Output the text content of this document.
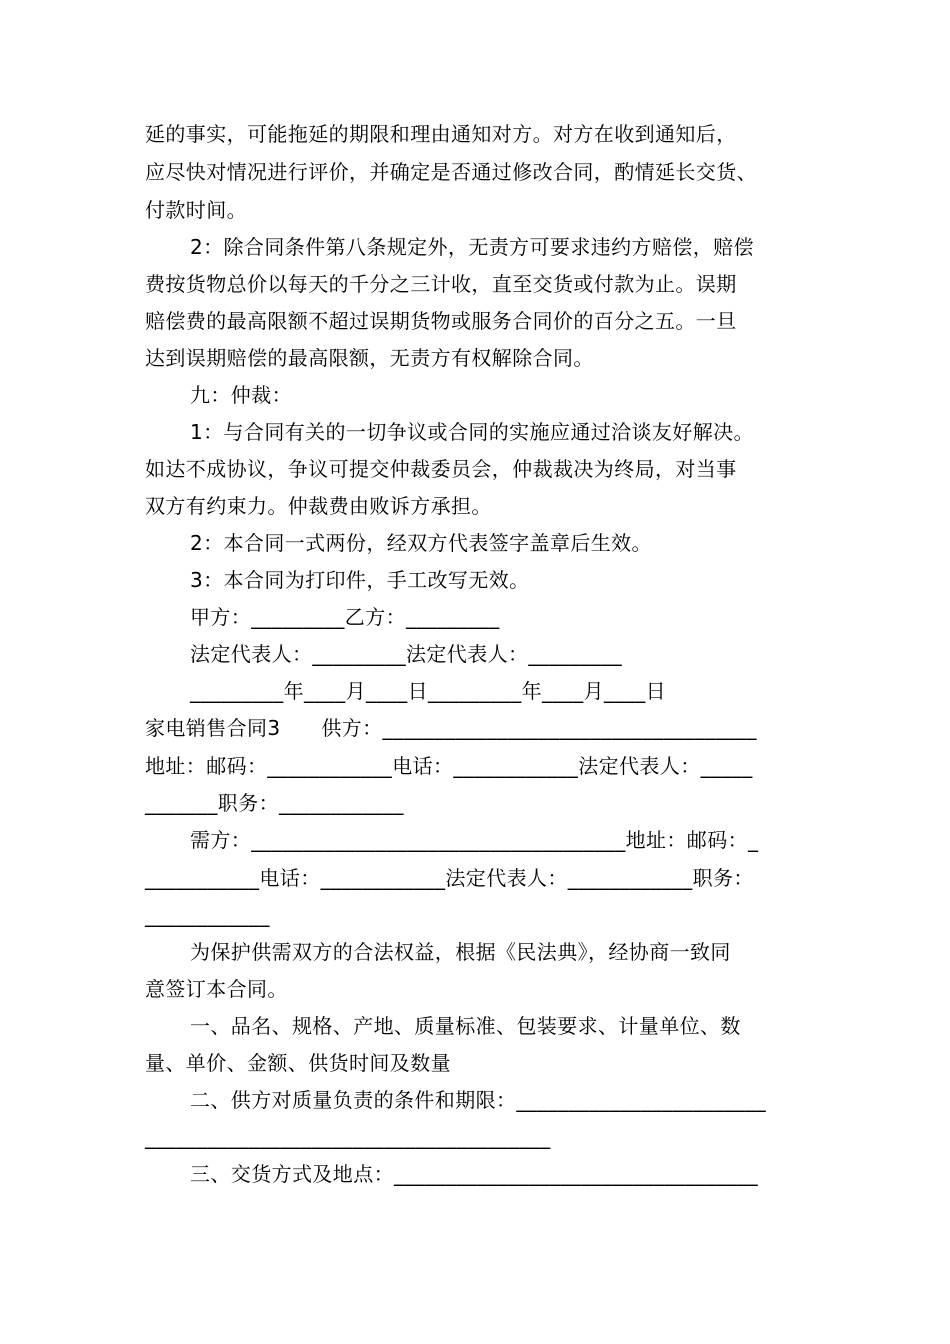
延的事实，可能拖延的期限和理由通知对方。对方在收到通知后，
应尽快对情况进行评价，并确定是否通过修改合同，酌情延长交货、
付款时间。
2：除合同条件第八条规定外，无责方可要求违约方赔偿，赔偿
费按货物总价以每天的千分之三计收，直至交货或付款为止。误期
赔偿费的最高限额不超过误期货物或服务合同价的百分之五。一旦
达到误期赔偿的最高限额，无责方有权解除合同。
九：仲裁：
1：与合同有关的一切争议或合同的实施应通过洽谈友好解决。
如达不成协议，争议可提交仲裁委员会，仲裁裁决为终局，对当事
双方有约束力。仲裁费由败诉方承担。
2：本合同一式两份，经双方代表签字盖章后生效。
3：本合同为打印件，手工改写无效。
甲方：_________乙方：_________
法定代表人：_________法定代表人：_________
_________年____月____日_________年____月____日
家电销售合同3　　供方：____________________________________
地址：邮码：____________电话：____________法定代表人：_____
_______职务：____________
需方：____________________________________地址：邮码：_
___________电话：____________法定代表人：____________职务：
____________
为保护供需双方的合法权益，根据《民法典》，经协商一致同
意签订本合同。
一、品名、规格、产地、质量标准、包装要求、计量单位、数
量、单价、金额、供货时间及数量
二、供方对质量负责的条件和期限：________________________
_______________________________________
三、交货方式及地点：___________________________________
